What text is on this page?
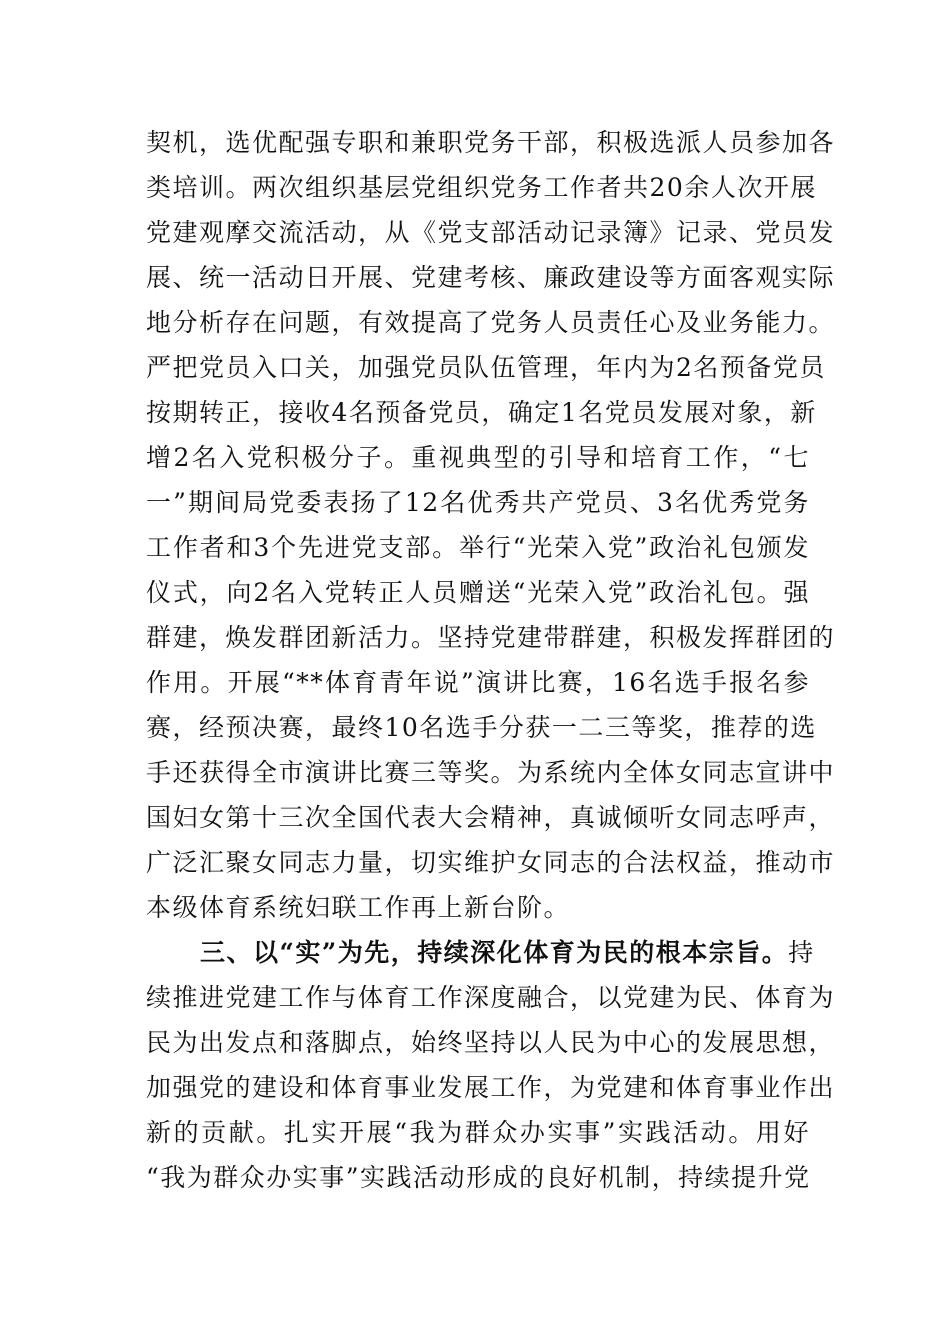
契机，选优配强专职和兼职党务干部，积极选派人员参加各
类培训。两次组织基层党组织党务工作者共20余人次开展
党建观摩交流活动，从《党支部活动记录簿》记录、党员发
展、统一活动日开展、党建考核、廉政建设等方面客观实际
地分析存在问题，有效提高了党务人员责任心及业务能力。
严把党员入口关，加强党员队伍管理，年内为2名预备党员
按期转正，接收4名预备党员，确定1名党员发展对象，新
增2名入党积极分子。重视典型的引导和培育工作，“七
一”期间局党委表扬了12名优秀共产党员、3名优秀党务
工作者和3个先进党支部。举行“光荣入党”政治礼包颁发
仪式，向2名入党转正人员赠送“光荣入党”政治礼包。强
群建，焕发群团新活力。坚持党建带群建，积极发挥群团的
作用。开展“**体育青年说”演讲比赛，16名选手报名参
赛，经预决赛，最终10名选手分获一二三等奖，推荐的选
手还获得全市演讲比赛三等奖。为系统内全体女同志宣讲中
国妇女第十三次全国代表大会精神，真诚倾听女同志呼声，
广泛汇聚女同志力量，切实维护女同志的合法权益，推动市
本级体育系统妇联工作再上新台阶。
三、以“实”为先，持续深化体育为民的根本宗旨。持
续推进党建工作与体育工作深度融合，以党建为民、体育为
民为出发点和落脚点，始终坚持以人民为中心的发展思想，
加强党的建设和体育事业发展工作，为党建和体育事业作出
新的贡献。扎实开展“我为群众办实事”实践活动。用好
“我为群众办实事”实践活动形成的良好机制，持续提升党
